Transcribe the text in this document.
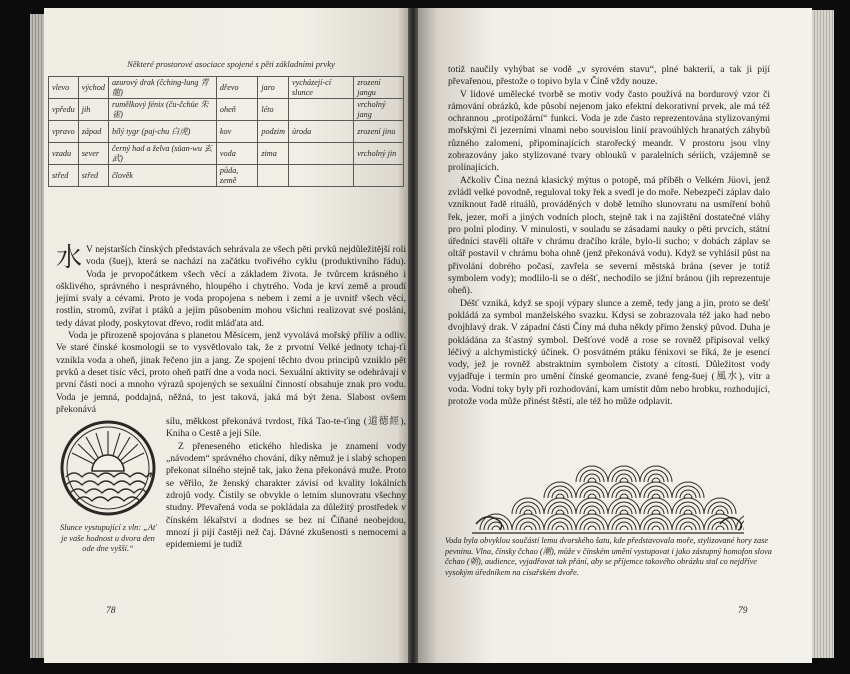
Některé prostorové asociace spojené s pěti základními prvky
vlevo	východ	azurový drak (čching-lung 青龍)	dřevo	jaro	vycházejí-cí slunce	zrození jangu
vpředu	jih	rumělkový fénix (ču-čchüe 朱雀)	oheň	léto		vrcholný jang
vpravo	západ	bílý tygr (paj-chu 白虎)	kov	podzim	úroda	zrození jinu
vzadu	sever	černý had a želva (süan-wu 玄武)	voda	zima		vrcholný jin
střed	střed	člověk	půda, země			
水 V nejstarších čínských představách sehrávala ze všech pěti prvků nejdůležitější roli voda (šuej), která se nachází na začátku tvořivého cyklu (produktivního řádu). Voda je prvopočátkem všech věcí a základem života. Je tvůrcem krásného i ošklivého, správného i nesprávného, hloupého i chytrého. Voda je krví země a proudí jejími svaly a cévami. Proto je voda propojena s nebem i zemí a je uvnitř všech věcí, rostlin, stromů, zvířat i ptáků a jejím působením mohou všichni realizovat své poslání, tedy dávat plody, poskytovat dřevo, rodit mláďata atd.

Voda je přirozeně spojována s planetou Měsícem, jenž vyvolává mořský příliv a odliv. Ve staré čínské kosmologii se to vysvětlovalo tak, že z prvotní Velké jednoty tchaj-ťi vznikla voda a oheň, jinak řečeno jin a jang. Ze spojení těchto dvou principů vzniklo pět prvků a deset tisíc věcí, proto oheň patří dne a voda noci. Sexuální aktivity se odehrávají v první části noci a mnoho výrazů spojených se sexuální činností obsahuje znak pro vodu. Voda je jemná, poddajná, něžná, to jest taková, jaká má být žena. Slabost ovšem překonává

Slunce vystupující z vln: „Ať je vaše hodnost u dvora den ode dne vyšší.“

sílu, měkkost překonává tvrdost, říká Tao-te-ťing (道德經), Kniha o Cestě a její Síle.

Z přeneseného etického hlediska je znamení vody „návodem“ správného chování, díky němuž je i slabý schopen překonat silného stejně tak, jako žena překonává muže. Proto se věřilo, že ženský charakter závisí od kvality lokálních zdrojů vody. Čistily se obvykle o letním slunovratu všechny studny. Převařená voda se pokládala za důležitý prostředek v čínském lékařství a dodnes se bez ní Číňané neobejdou, mnozí ji pijí častěji než čaj. Dávné zkušenosti s nemocemi a epidemiemi je tudíž

totiž naučily vyhýbat se vodě „v syrovém stavu“, plné bakterií, a tak ji pijí převařenou, přestože o topivo byla v Číně vždy nouze.

V lidové umělecké tvorbě se motiv vody často používá na bordurový vzor či rámování obrázků, kde působí nejenom jako efektní dekorativní prvek, ale má též ochrannou „protipožární“ funkci. Voda je zde často reprezentována stylizovanými mořskými či jezerními vlnami nebo souvislou linií pravoúhlých hranatých záhybů různého zalomení, připomínajících starořecký meandr. V prostoru jsou vlny zobrazovány jako stylizované tvary oblouků v paralelních sériích, vzájemně se prolínajících.

Ačkoliv Čína nezná klasický mýtus o potopě, má příběh o Velkém Jüovi, jenž zvládl velké povodně, reguloval toky řek a svedl je do moře. Nebezpečí záplav dalo vzniknout řadě rituálů, prováděných v době letního slunovratu na usmíření bohů řek, jezer, moří a jiných vodních ploch, stejně tak i na zajištění dostatečné vláhy pro polní plodiny. V minulosti, v souladu se zásadami nauky o pěti prvcích, státní úředníci stavěli oltáře v chrámu dračího krále, bylo-li sucho; v dobách záplav se oltář postavil v chrámu boha ohně (jenž překonává vodu). Když se vyhlásil půst na přivolání dobrého počasí, zavřela se severní městská brána (sever je totiž symbolem vody); modlilo-li se o déšť, nechodilo se jižní bránou (jih reprezentuje oheň).

Déšť vzniká, když se spojí výpary slunce a země, tedy jang a jin, proto se dešť pokládá za symbol manželského svazku. Kdysi se zobrazovala též jako had nebo dvojhlavý drak. V západní části Číny má duha někdy přímo ženský původ. Duha je pokládána za šťastný symbol. Dešťové vodě a rose se rovněž připisoval velký léčivý a alchymistický účinek. O posvátném ptáku fénixovi se říká, že je esencí vody, jež je rovněž abstraktním symbolem čistoty a cítostí. Důležitost vody vyjadřuje i termín pro umění čínské geomancie, zvané feng-šuej (風水), vítr a voda. Vodní toky byly při rozhodování, kam umístit dům nebo hrobku, rozhodující, protože voda může přinést štěstí, ale též ho může odplavit.

Voda byla obvyklou součástí lemu dvorského šatu, kde představovala moře, stylizované hory zase pevninu. Vlna, čínsky čchao (潮), může v čínském umění vystupovat i jako zástupný homofon slova čchao (朝), audience, vyjadřovat tak přání, aby se příjemce takového obrázku stal co nejdříve vysokým úředníkem na císařském dvoře.
78	79
